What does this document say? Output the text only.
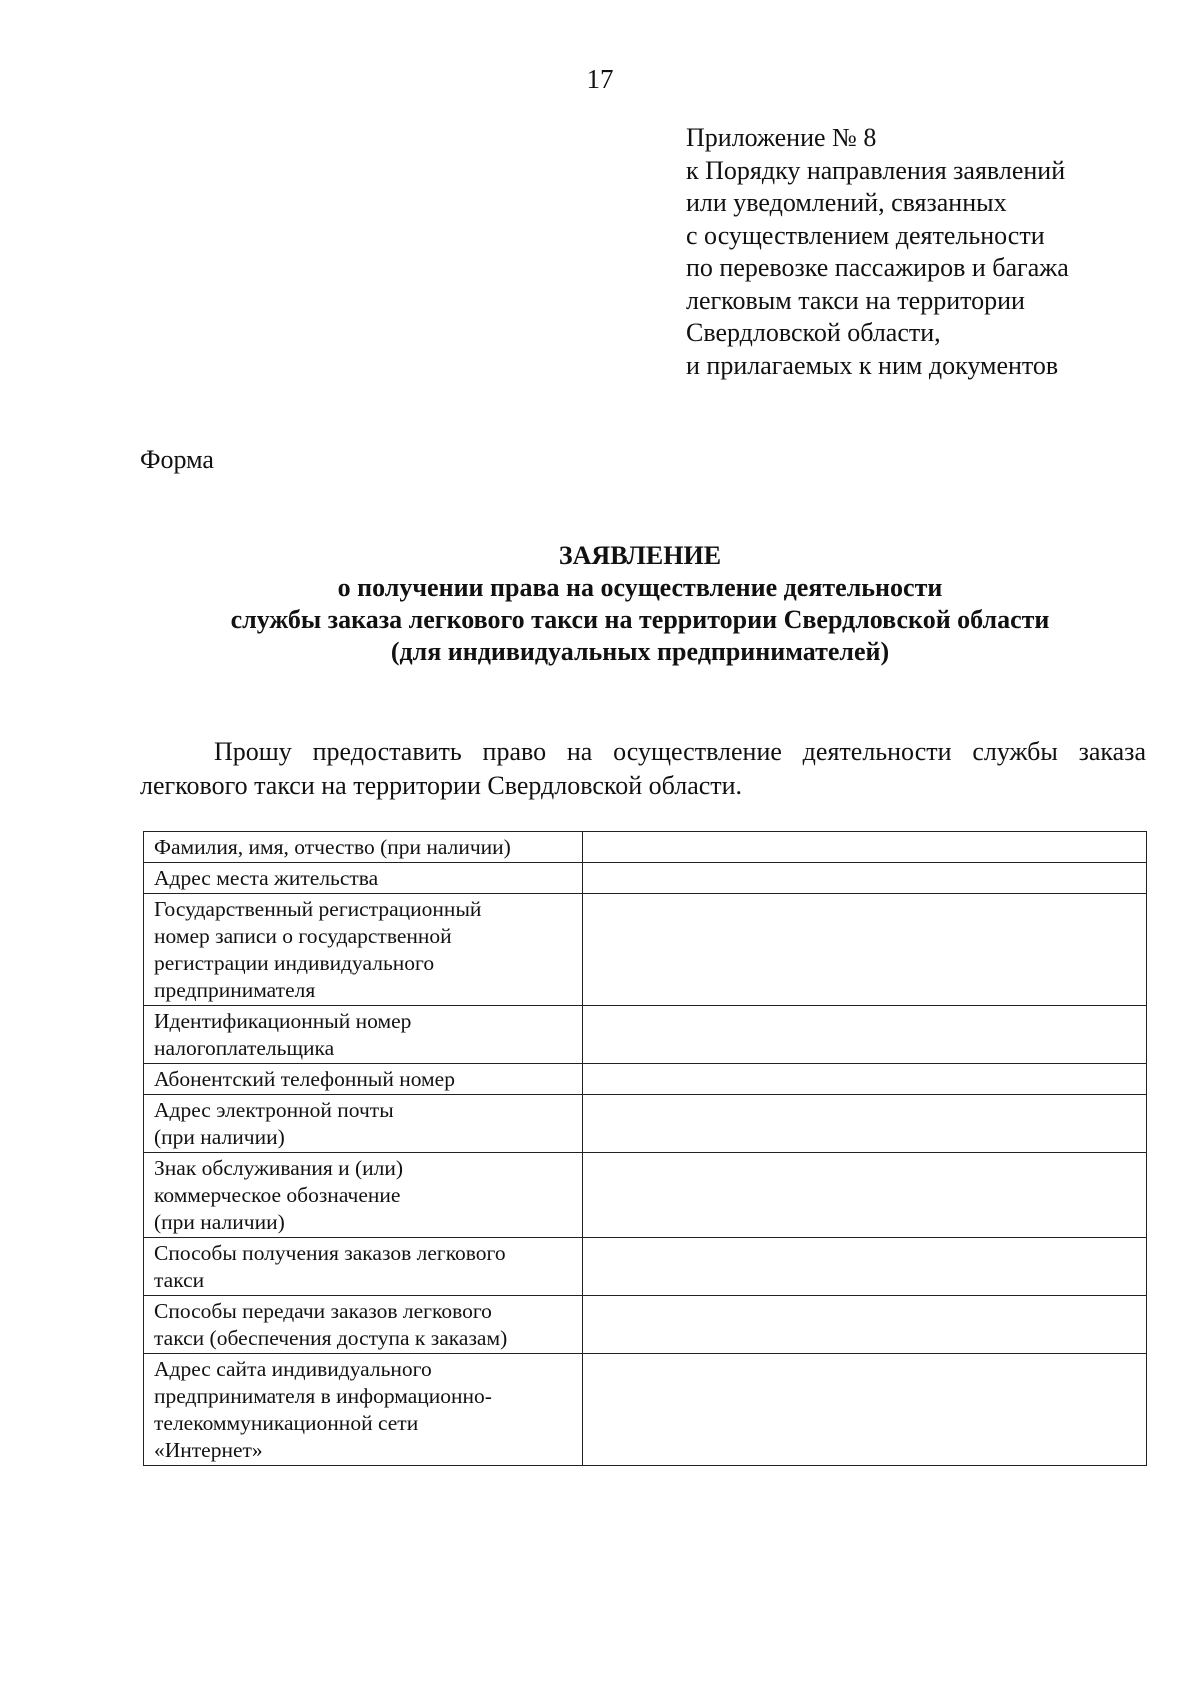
17
Приложение № 8
к Порядку направления заявлений
или уведомлений, связанных
с осуществлением деятельности
по перевозке пассажиров и багажа
легковым такси на территории
Свердловской области,
и прилагаемых к ним документов
Форма
ЗАЯВЛЕНИЕ
о получении права на осуществление деятельности
службы заказа легкового такси на территории Свердловской области
(для индивидуальных предпринимателей)
Прошу предоставить право на осуществление деятельности службы заказа
легкового такси на территории Свердловской области.
Фамилия, имя, отчество (при наличии)	

Адрес места жительства	

Государственный регистрационный
номер записи о государственной
регистрации индивидуального
предпринимателя	

Идентификационный номер
налогоплательщика	

Абонентский телефонный номер	

Адрес электронной почты
(при наличии)	

Знак обслуживания и (или)
коммерческое обозначение
(при наличии)	

Способы получения заказов легкового
такси	

Способы передачи заказов легкового
такси (обеспечения доступа к заказам)	

Адрес сайта индивидуального
предпринимателя в информационно-
телекоммуникационной сети
«Интернет»	
